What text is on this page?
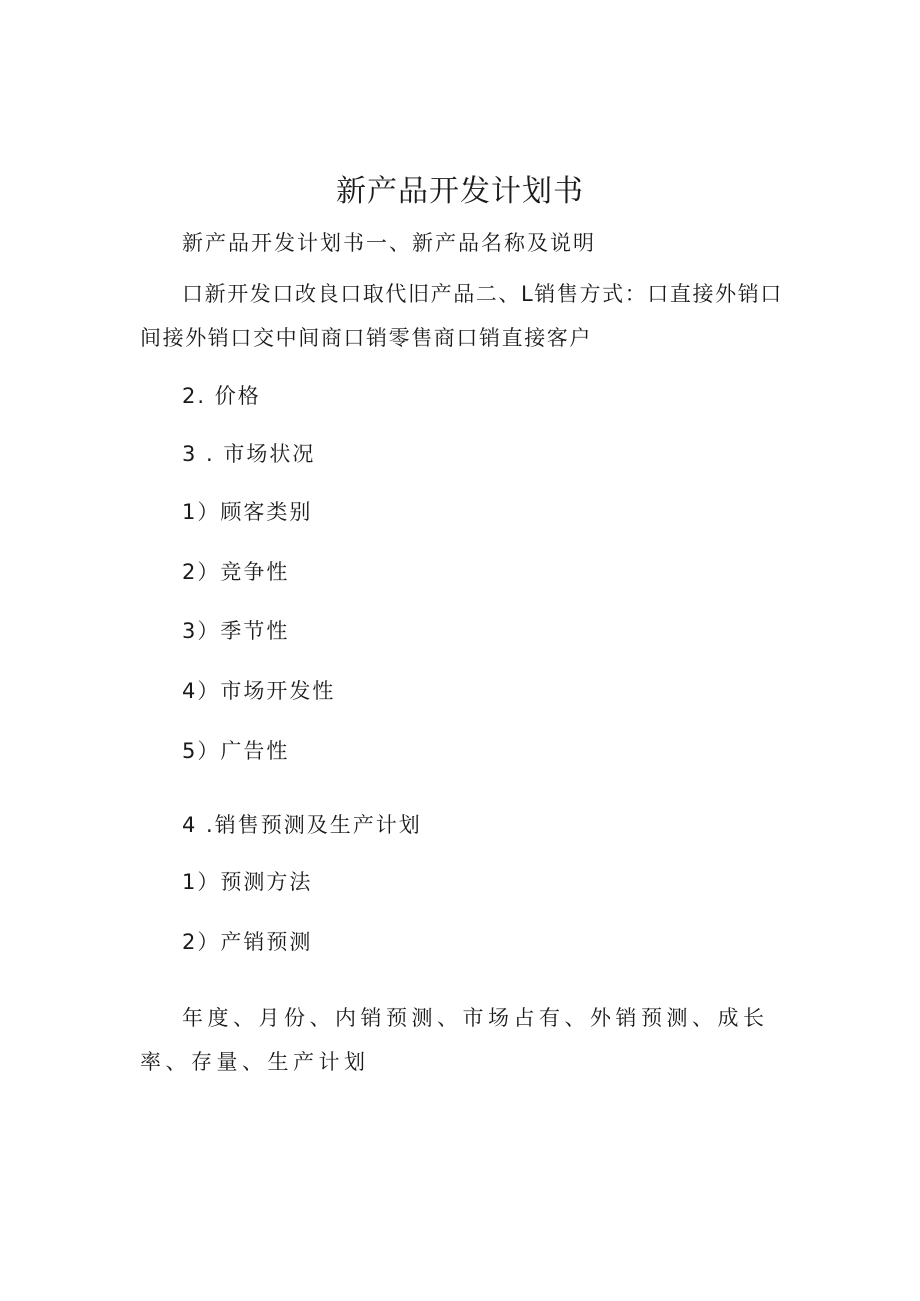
新产品开发计划书
新产品开发计划书一、新产品名称及说明
口新开发口改良口取代旧产品二、L销售方式：口直接外销口间接外销口交中间商口销零售商口销直接客户
2. 价格
3 . 市场状况
1）顾客类别
2）竞争性
3）季节性
4）市场开发性
5）广告性
4 .销售预测及生产计划
1）预测方法
2）产销预测
年度、月份、内销预测、市场占有、外销预测、成长率、存量、生产计划
